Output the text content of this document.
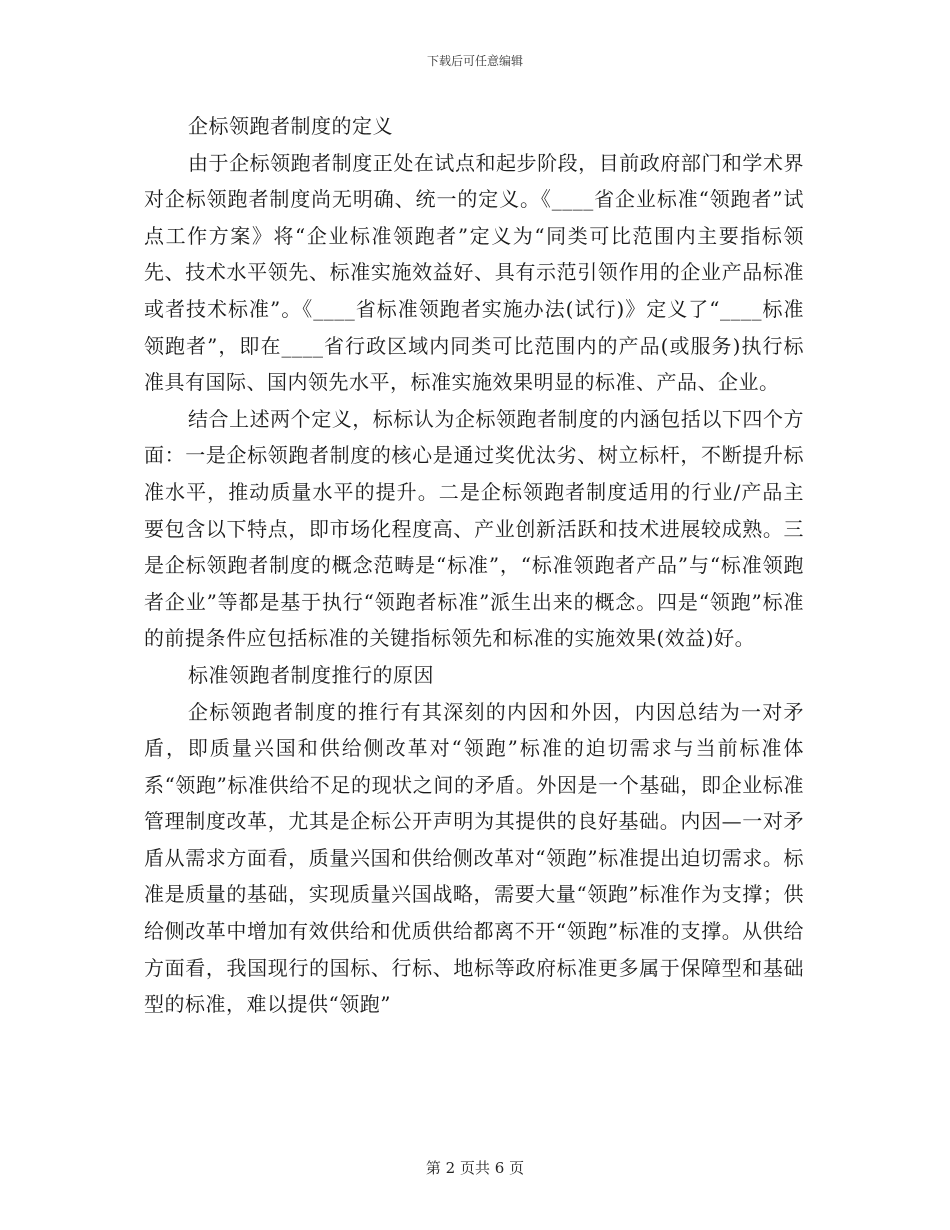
下载后可任意编辑
企标领跑者制度的定义

由于企标领跑者制度正处在试点和起步阶段，目前政府部门和学术界对企标领跑者制度尚无明确、统一的定义。《____省企业标准“领跑者”试点工作方案》将“企业标准领跑者”定义为“同类可比范围内主要指标领先、技术水平领先、标准实施效益好、具有示范引领作用的企业产品标准或者技术标准”。《____省标准领跑者实施办法(试行)》定义了“____标准领跑者”，即在____省行政区域内同类可比范围内的产品(或服务)执行标准具有国际、国内领先水平，标准实施效果明显的标准、产品、企业。

结合上述两个定义，标标认为企标领跑者制度的内涵包括以下四个方面：一是企标领跑者制度的核心是通过奖优汰劣、树立标杆，不断提升标准水平，推动质量水平的提升。二是企标领跑者制度适用的行业/产品主要包含以下特点，即市场化程度高、产业创新活跃和技术进展较成熟。三是企标领跑者制度的概念范畴是“标准”，“标准领跑者产品”与“标准领跑者企业”等都是基于执行“领跑者标准”派生出来的概念。四是“领跑”标准的前提条件应包括标准的关键指标领先和标准的实施效果(效益)好。

标准领跑者制度推行的原因

企标领跑者制度的推行有其深刻的内因和外因，内因总结为一对矛盾，即质量兴国和供给侧改革对“领跑”标准的迫切需求与当前标准体系“领跑”标准供给不足的现状之间的矛盾。外因是一个基础，即企业标准管理制度改革，尤其是企标公开声明为其提供的良好基础。内因—一对矛盾从需求方面看，质量兴国和供给侧改革对“领跑”标准提出迫切需求。标准是质量的基础，实现质量兴国战略，需要大量“领跑”标准作为支撑；供给侧改革中增加有效供给和优质供给都离不开“领跑”标准的支撑。从供给方面看，我国现行的国标、行标、地标等政府标准更多属于保障型和基础型的标准，难以提供“领跑”

第 2 页共 6 页
